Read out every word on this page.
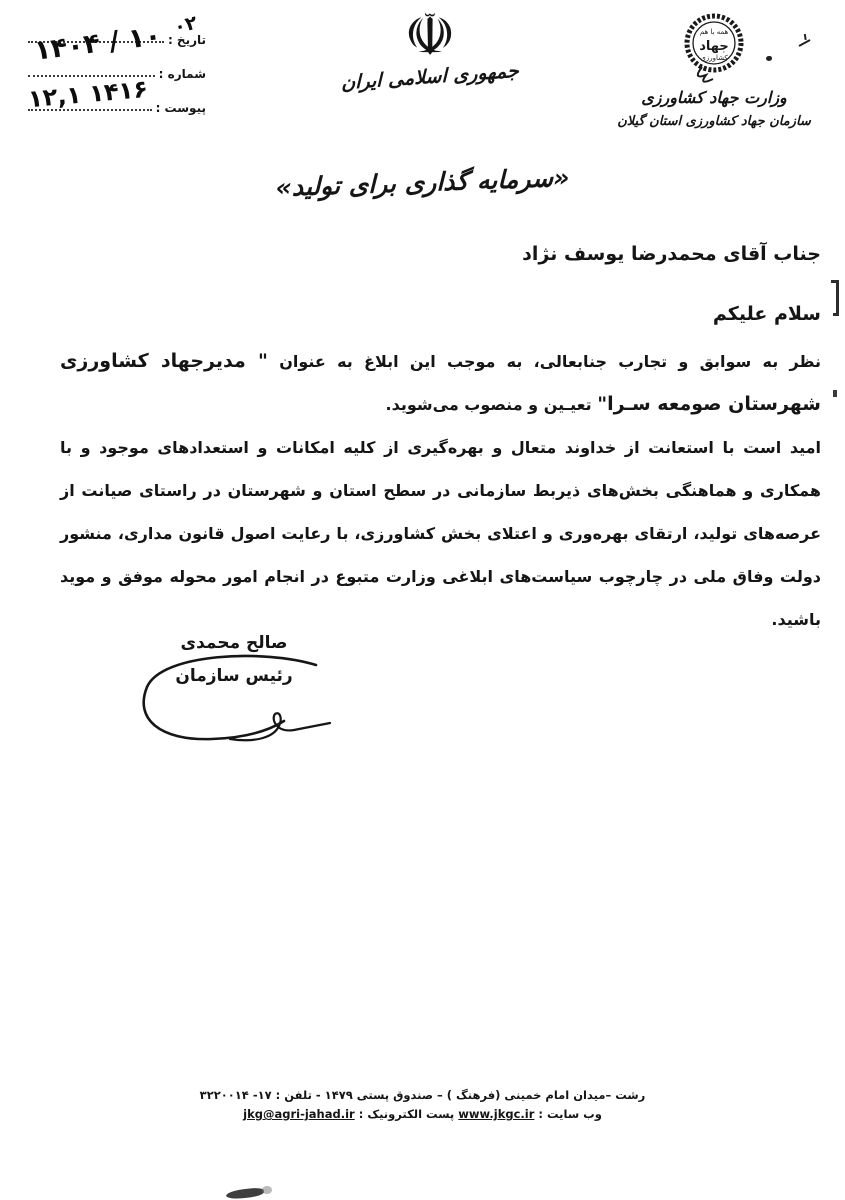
تاریخ :
شماره :
پیوست :
۰۲
۱۴۰۴ / ۱۰
۱۲,۱ ۱۴۱۶
☫
جمهوری اسلامی ایران
همه با هم
جهاد
کشاورزی
وزارت جهاد کشاورزی
سازمان جهاد کشاورزی استان گیلان
«سرمایه گذاری برای تولید»
جناب آقای محمدرضا یوسف نژاد
سلام علیکم

نظر به سوابق و تجارب جنابعالی، به موجب این ابلاغ به عنوان " مدیرجهاد کشاورزی شهرستان صومعه سـرا" تعیـین و منصوب می‌شوید.

امید است با استعانت از خداوند متعال و بهره‌گیری از کلیه امکانات و استعدادهای موجود و با همکاری و هماهنگی بخش‌های ذیربط سازمانی در سطح استان و شهرستان در راستای صیانت از عرصه‌های تولید، ارتقای بهره‌وری و اعتلای بخش کشاورزی، با رعایت اصول قانون مداری، منشور دولت وفاق ملی در چارچوب سیاست‌های ابلاغی وزارت متبوع در انجام امور محوله موفق و موید باشید.

صالح محمدی
رئیس سازمان
رشت –میدان امام خمینی (فرهنگ ) – صندوق پستی ۱۴۷۹ - تلفن : ۱۷- ۳۲۲۰۰۱۴
وب سایت : www.jkgc.ir پست الکترونیک : jkg@agri-jahad.ir
